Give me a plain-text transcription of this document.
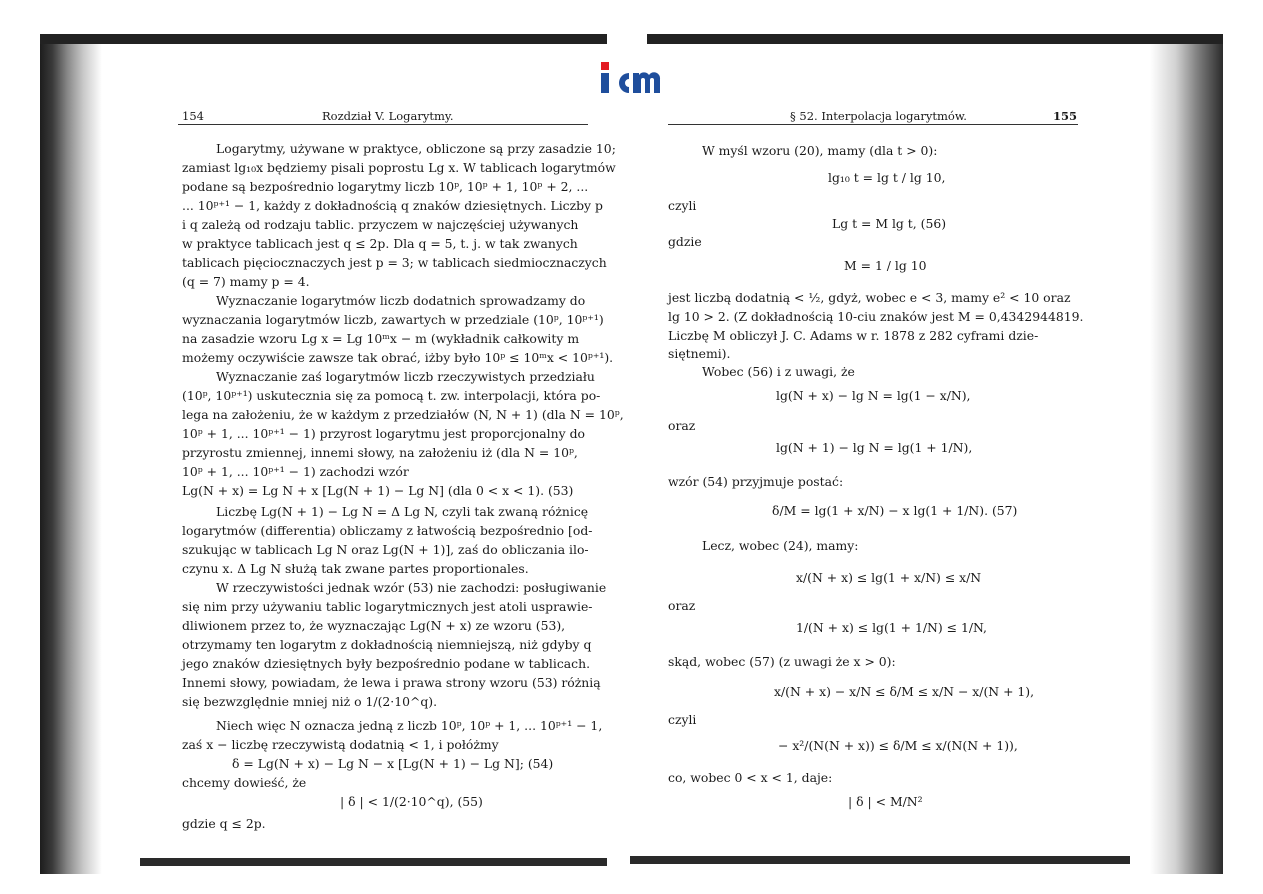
154	Rozdział V. Logarytmy.
Logarytmy, używane w praktyce, obliczone są przy zasadzie 10;
zamiast lg₁₀x będziemy pisali poprostu Lg x. W tablicach logarytmów
podane są bezpośrednio logarytmy liczb 10ᵖ, 10ᵖ + 1, 10ᵖ + 2, ...
... 10ᵖ⁺¹ − 1, każdy z dokładnością q znaków dziesiętnych. Liczby p
i q zależą od rodzaju tablic. przyczem w najczęściej używanych
w praktyce tablicach jest q ≤ 2p. Dla q = 5, t. j. w tak zwanych
tablicach pięciocznaczych jest p = 3; w tablicach siedmiocznaczych
(q = 7) mamy p = 4.
Wyznaczanie logarytmów liczb dodatnich sprowadzamy do
wyznaczania logarytmów liczb, zawartych w przedziale (10ᵖ, 10ᵖ⁺¹)
na zasadzie wzoru Lg x = Lg 10ᵐx − m (wykładnik całkowity m
możemy oczywiście zawsze tak obrać, iżby było 10ᵖ ≤ 10ᵐx < 10ᵖ⁺¹).
Wyznaczanie zaś logarytmów liczb rzeczywistych przedziału
(10ᵖ, 10ᵖ⁺¹) uskutecznia się za pomocą t. zw. interpolacji, która po-
lega na założeniu, że w każdym z przedziałów (N, N + 1) (dla N = 10ᵖ,
10ᵖ + 1, ... 10ᵖ⁺¹ − 1) przyrost logarytmu jest proporcjonalny do
przyrostu zmiennej, innemi słowy, na założeniu iż (dla N = 10ᵖ,
10ᵖ + 1, ... 10ᵖ⁺¹ − 1) zachodzi wzór
Lg(N + x) = Lg N + x [Lg(N + 1) − Lg N] (dla 0 < x < 1). (53)
Liczbę Lg(N + 1) − Lg N = Δ Lg N, czyli tak zwaną różnicę
logarytmów (differentia) obliczamy z łatwością bezpośrednio [od-
szukując w tablicach Lg N oraz Lg(N + 1)], zaś do obliczania ilo-
czynu x. Δ Lg N służą tak zwane partes proportionales.
W rzeczywistości jednak wzór (53) nie zachodzi: posługiwanie
się nim przy używaniu tablic logarytmicznych jest atoli usprawie-
dliwionem przez to, że wyznaczając Lg(N + x) ze wzoru (53),
otrzymamy ten logarytm z dokładnością niemniejszą, niż gdyby q
jego znaków dziesiętnych były bezpośrednio podane w tablicach.
Innemi słowy, powiadam, że lewa i prawa strony wzoru (53) różnią
się bezwzględnie mniej niż o 1/(2·10^q).
Niech więc N oznacza jedną z liczb 10ᵖ, 10ᵖ + 1, ... 10ᵖ⁺¹ − 1,
zaś x − liczbę rzeczywistą dodatnią < 1, i połóżmy
δ = Lg(N + x) − Lg N − x [Lg(N + 1) − Lg N]; (54)
chcemy dowieść, że
| δ | < 1/(2·10^q), (55)
gdzie q ≤ 2p.
§ 52. Interpolacja logarytmów.	155
W myśl wzoru (20), mamy (dla t > 0):
lg₁₀ t = lg t / lg 10,
czyli
Lg t = M lg t, (56)
gdzie
M = 1 / lg 10
jest liczbą dodatnią < ½, gdyż, wobec e < 3, mamy e² < 10 oraz
lg 10 > 2. (Z dokładnością 10-ciu znaków jest M = 0,4342944819.
Liczbę M obliczył J. C. Adams w r. 1878 z 282 cyframi dzie-
siętnemi).
Wobec (56) i z uwagi, że
lg(N + x) − lg N = lg(1 − x/N),
oraz
lg(N + 1) − lg N = lg(1 + 1/N),
wzór (54) przyjmuje postać:
δ/M = lg(1 + x/N) − x lg(1 + 1/N). (57)
Lecz, wobec (24), mamy:
x/(N + x) ≤ lg(1 + x/N) ≤ x/N
oraz
1/(N + x) ≤ lg(1 + 1/N) ≤ 1/N,
skąd, wobec (57) (z uwagi że x > 0):
x/(N + x) − x/N ≤ δ/M ≤ x/N − x/(N + 1),
czyli
− x²/(N(N + x)) ≤ δ/M ≤ x/(N(N + 1)),
co, wobec 0 < x < 1, daje:
| δ | < M/N²
